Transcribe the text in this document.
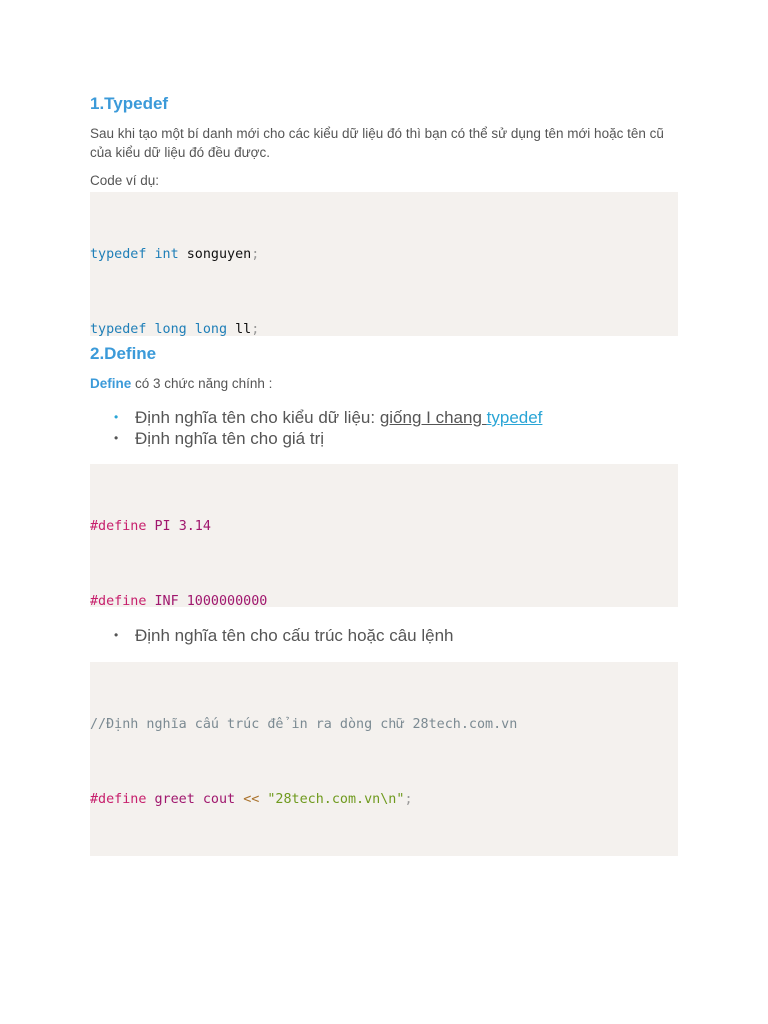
1.Typedef

Sau khi tạo một bí danh mới cho các kiểu dữ liệu đó thì bạn có thể sử dụng tên mới hoặc tên cũ của kiểu dữ liệu đó đều được.

Code ví dụ:

typedef int songuyen;

typedef long long ll;

2.Define

Define có 3 chức năng chính :

• Định nghĩa tên cho kiểu dữ liệu: giống I chang typedef
• Định nghĩa tên cho giá trị

#define PI 3.14

#define INF 1000000000

• Định nghĩa tên cho cấu trúc hoặc câu lệnh

//Định nghĩa cấu trúc để in ra dòng chữ 28tech.com.vn

#define greet cout << "28tech.com.vn\n";
